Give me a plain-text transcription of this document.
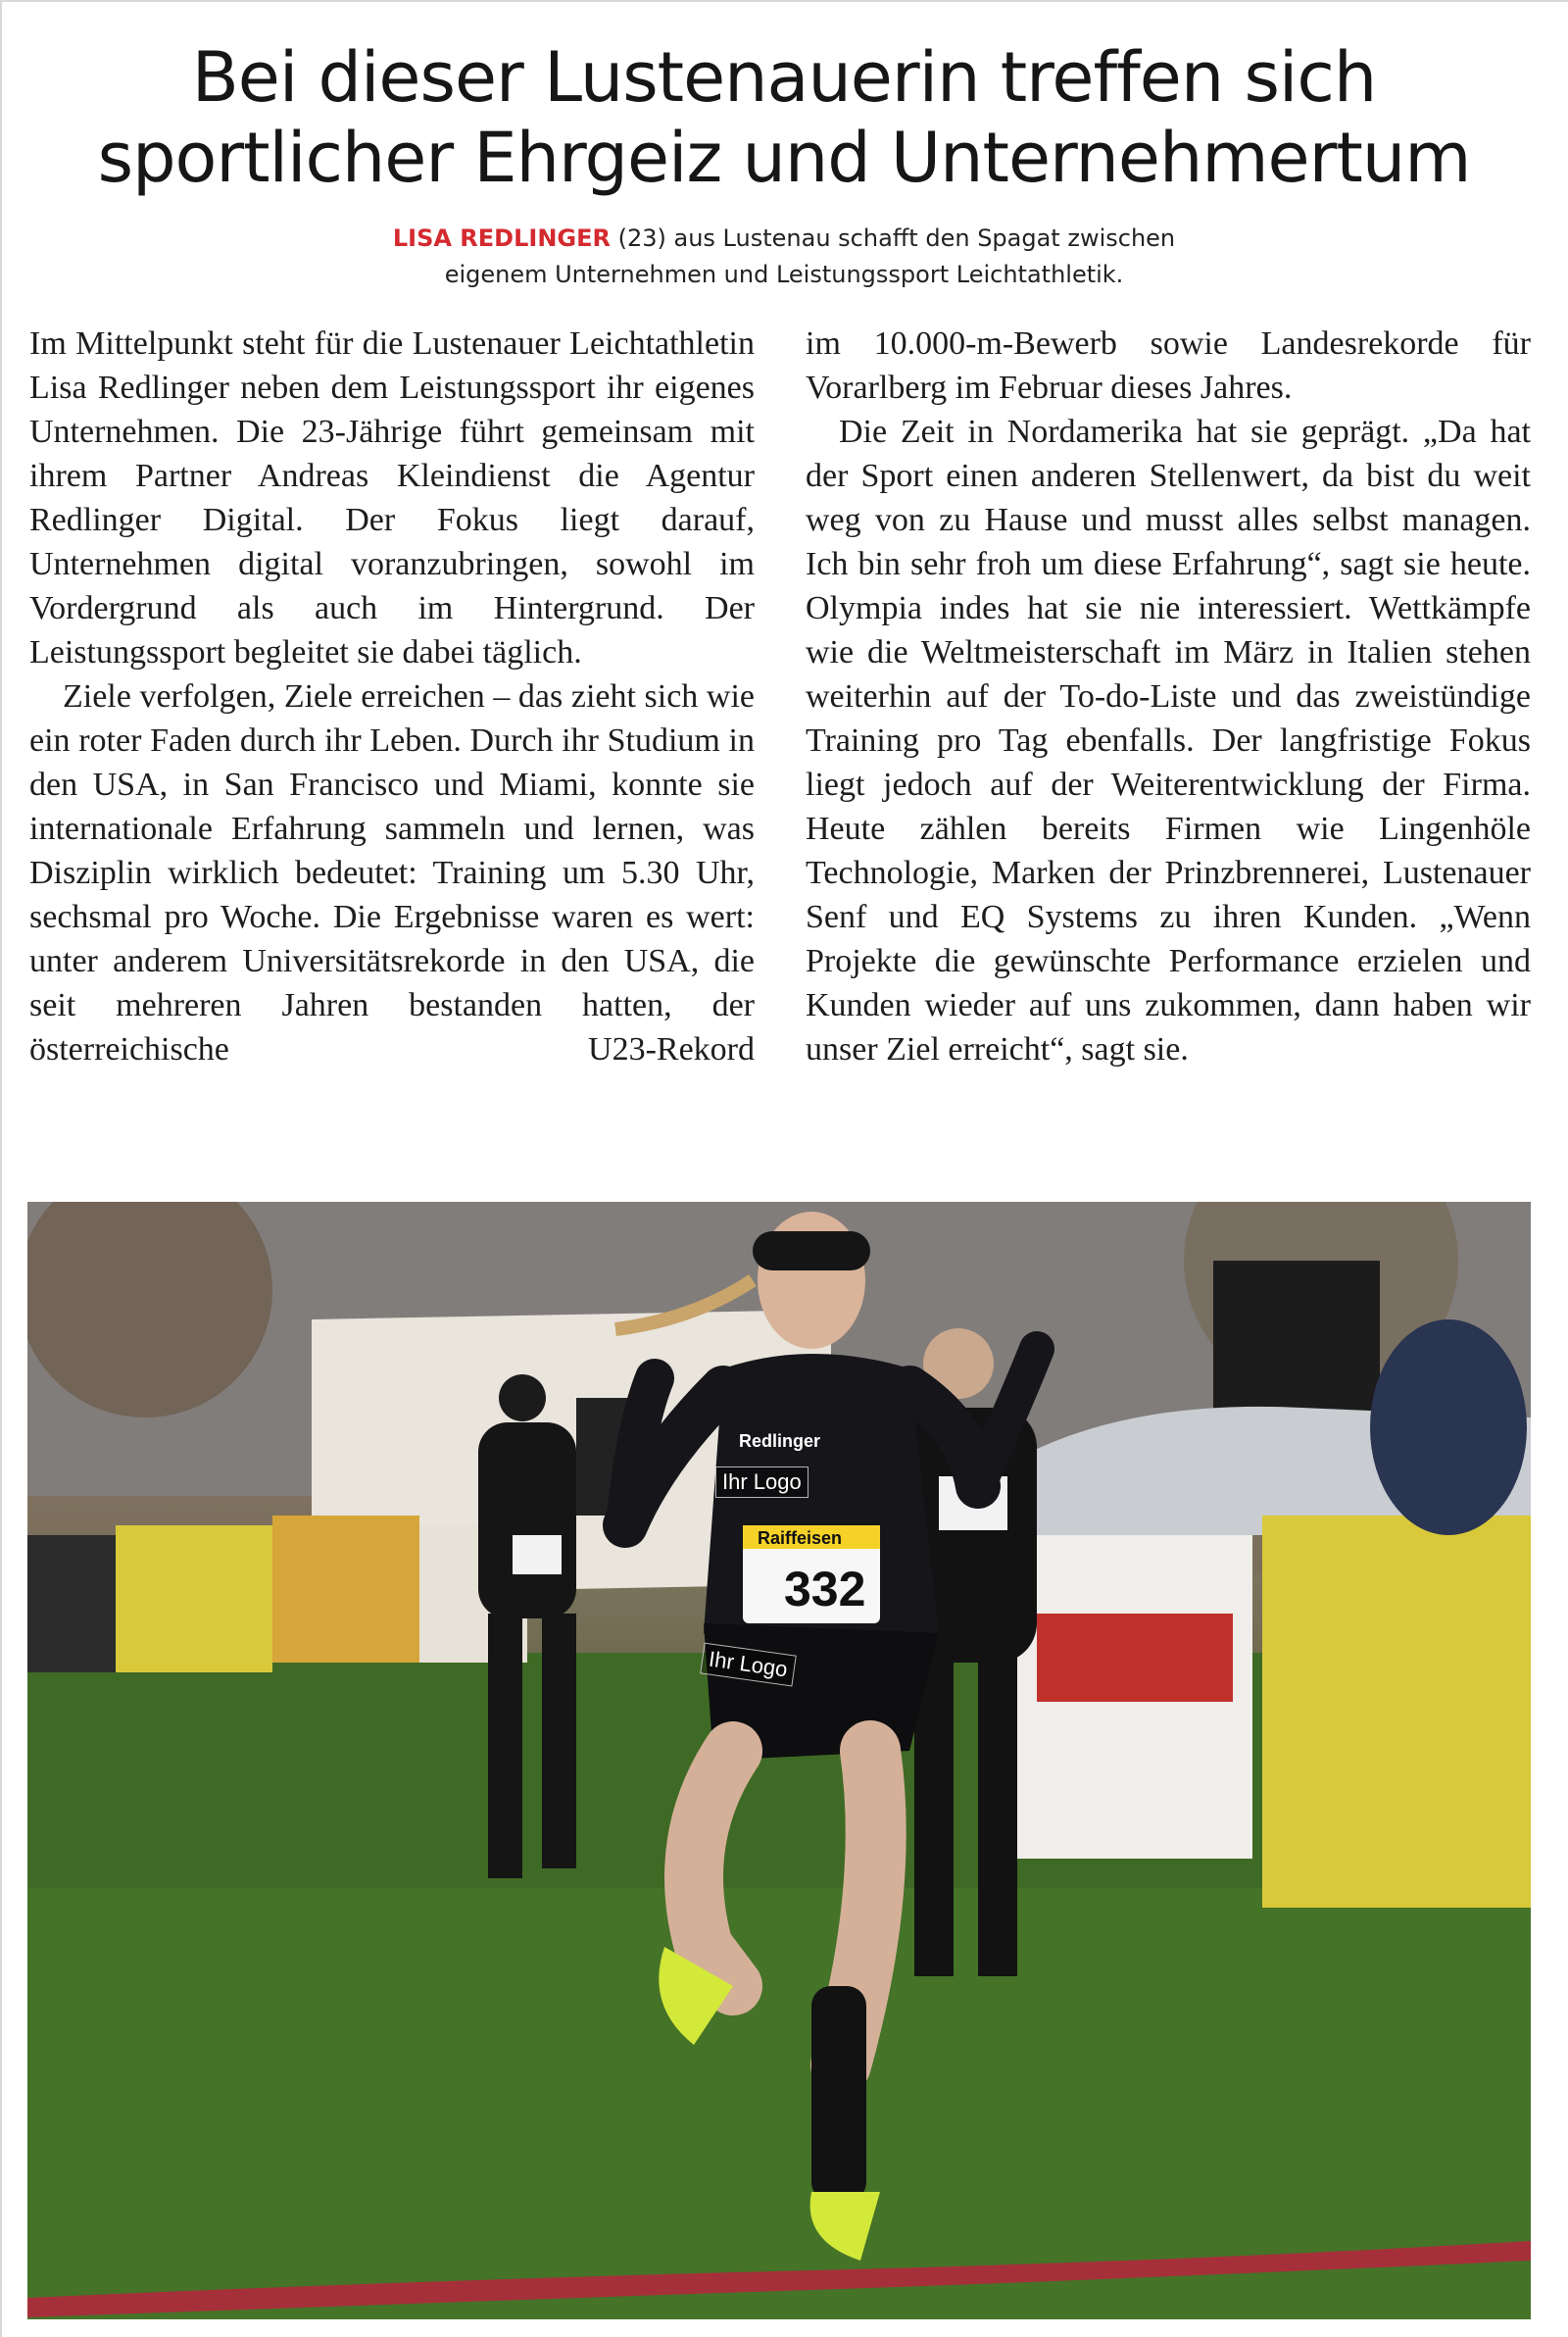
Bei dieser Lustenauerin treffen sich
sportlicher Ehrgeiz und Unternehmertum
LISA REDLINGER (23) aus Lustenau schafft den Spagat zwischen
eigenem Unternehmen und Leistungssport Leichtathletik.

Im Mittelpunkt steht für die Lustenauer Leichtathletin Lisa Redlinger neben dem Leistungssport ihr eigenes Unternehmen. Die 23-Jährige führt gemeinsam mit ihrem Partner Andreas Kleindienst die Agentur Redlinger Digital. Der Fokus liegt darauf, Unternehmen digital voranzubringen, sowohl im Vordergrund als auch im Hintergrund. Der Leistungssport begleitet sie dabei täglich.

Ziele verfolgen, Ziele erreichen – das zieht sich wie ein roter Faden durch ihr Leben. Durch ihr Studium in den USA, in San Francisco und Miami, konnte sie internationale Erfahrung sammeln und lernen, was Disziplin wirklich bedeutet: Training um 5.30 Uhr, sechsmal pro Woche. Die Ergebnisse waren es wert: unter anderem Universitätsrekorde in den USA, die seit mehreren Jahren bestanden hatten, der österreichische U23-Rekord

im 10.000-m-Bewerb sowie Landesrekorde für Vorarlberg im Februar dieses Jahres.

Die Zeit in Nordamerika hat sie geprägt. „Da hat der Sport einen anderen Stellenwert, da bist du weit weg von zu Hause und musst alles selbst managen. Ich bin sehr froh um diese Erfahrung“, sagt sie heute. Olympia indes hat sie nie interessiert. Wettkämpfe wie die Weltmeisterschaft im März in Italien stehen weiterhin auf der To-do-Liste und das zweistündige Training pro Tag ebenfalls. Der langfristige Fokus liegt jedoch auf der Weiterentwicklung der Firma. Heute zählen bereits Firmen wie Lingenhöle Technologie, Marken der Prinzbrennerei, Lustenauer Senf und EQ Systems zu ihren Kunden. „Wenn Projekte die gewünschte Performance erzielen und Kunden wieder auf uns zukommen, dann haben wir unser Ziel erreicht“, sagt sie.

Raiffeisen
332
Redlinger
Ihr Logo
Ihr Logo
